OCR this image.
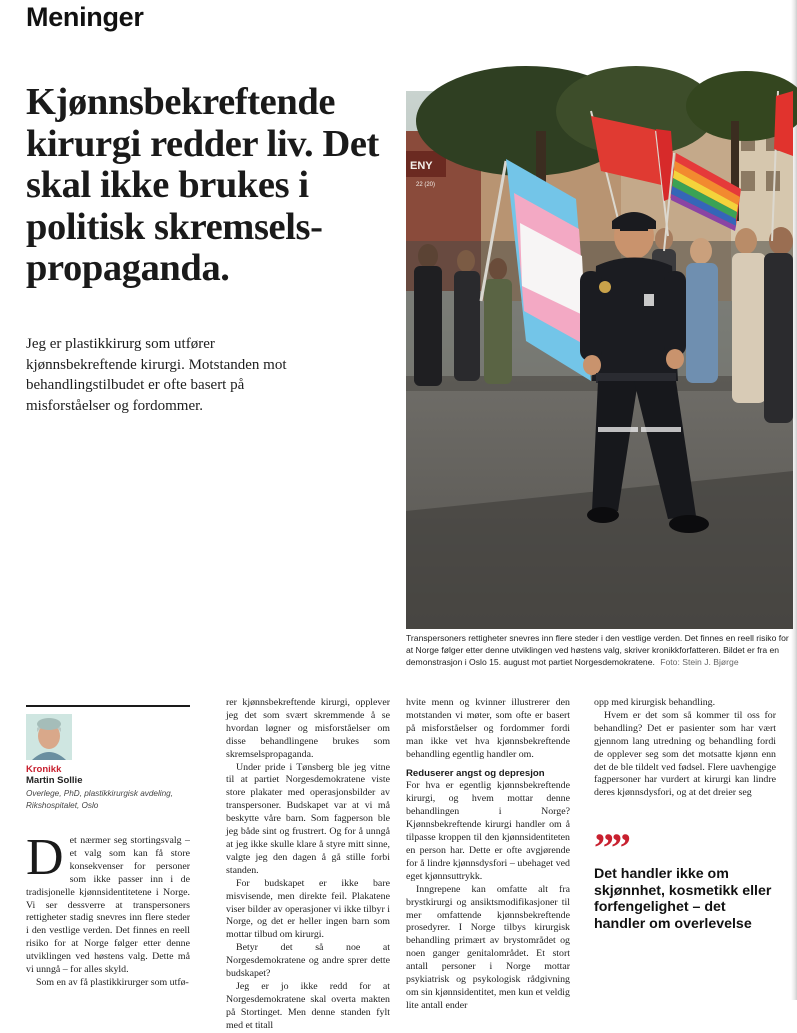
Meninger
Kjønnsbekreftende kirurgi redder liv. Det skal ikke brukes i politisk skremsels-propaganda.

Jeg er plastikkirurg som utfører kjønnsbekreftende kirurgi. Motstanden mot behandlingstilbudet er ofte basert på misforståelser og fordommer.

ENY
22 (20)
Transpersoners rettigheter snevres inn flere steder i den vestlige verden. Det finnes en reell risiko for at Norge følger etter denne utviklingen ved høstens valg, skriver kronikkforfatteren. Bildet er fra en demonstrasjon i Oslo 15. august mot partiet Norgesdemokratene. Foto: Stein J. Bjørge
Kronikk
Martin Sollie
Overlege, PhD, plastikkirurgisk avdeling, Rikshospitalet, Oslo

Det nærmer seg stortingsvalg – et valg som kan få store konsekvenser for personer som ikke passer inn i de tradisjonelle kjønnsidentitetene i Norge. Vi ser dessverre at transpersoners rettigheter stadig snevres inn flere steder i den vestlige verden. Det finnes en reell risiko for at Norge følger etter denne utviklingen ved høstens valg. Dette må vi unngå – for alles skyld.

Som en av få plastikkirurger som utfø-

rer kjønnsbekreftende kirurgi, opplever jeg det som svært skremmende å se hvordan løgner og misforståelser om disse behandlingene brukes som skremselspropaganda.

Under pride i Tønsberg ble jeg vitne til at partiet Norgesdemokratene viste store plakater med operasjonsbilder av transpersoner. Budskapet var at vi må beskytte våre barn. Som fagperson ble jeg både sint og frustrert. Og for å unngå at jeg ikke skulle klare å styre mitt sinne, valgte jeg den dagen å gå stille forbi standen.

For budskapet er ikke bare misvisende, men direkte feil. Plakatene viser bilder av operasjoner vi ikke tilbyr i Norge, og det er heller ingen barn som mottar tilbud om kirurgi.

Betyr det så noe at Norgesdemokratene og andre sprer dette budskapet?

Jeg er jo ikke redd for at Norgesdemokratene skal overta makten på Stortinget. Men denne standen fylt med et titall

hvite menn og kvinner illustrerer den motstanden vi møter, som ofte er basert på misforståelser og fordommer fordi man ikke vet hva kjønnsbekreftende behandling egentlig handler om.

Reduserer angst og depresjon

For hva er egentlig kjønnsbekreftende kirurgi, og hvem mottar denne behandlingen i Norge? Kjønnsbekreftende kirurgi handler om å tilpasse kroppen til den kjønnsidentiteten en person har. Dette er ofte avgjørende for å lindre kjønnsdysfori – ubehaget ved eget kjønnsuttrykk.

Inngrepene kan omfatte alt fra brystkirurgi og ansiktsmodifikasjoner til mer omfattende kjønnsbekreftende prosedyrer. I Norge tilbys kirurgisk behandling primært av brystområdet og noen ganger genitalområdet. Et stort antall personer i Norge mottar psykiatrisk og psykologisk rådgivning om sin kjønnsidentitet, men kun et veldig lite antall ender

opp med kirurgisk behandling.

Hvem er det som så kommer til oss for behandling? Det er pasienter som har vært gjennom lang utredning og behandling fordi de opplever seg som det motsatte kjønn enn det de ble tildelt ved fødsel. Flere uavhengige fagpersoner har vurdert at kirurgi kan lindre deres kjønnsdysfori, og at det dreier seg

””
Det handler ikke om skjønnhet, kosmetikk eller forfengelighet – det handler om overlevelse
